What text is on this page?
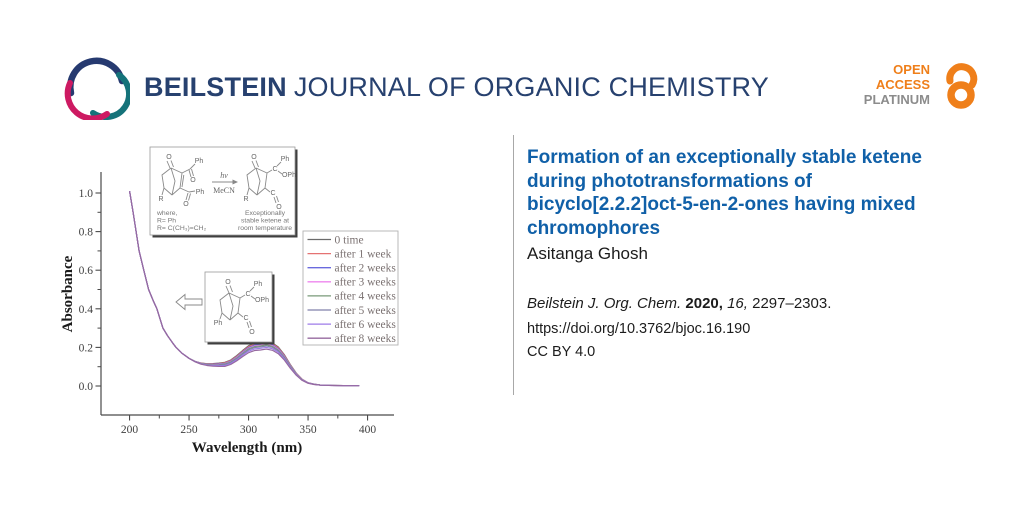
BEILSTEIN JOURNAL OF ORGANIC CHEMISTRY
OPEN
ACCESS
PLATINUM
Formation of an exceptionally stable ketene
during phototransformations of
bicyclo[2.2.2]oct-5-en-2-ones having mixed
chromophores
Asitanga Ghosh
Beilstein J. Org. Chem. 2020, 16, 2297–2303.
https://doi.org/10.3762/bjoc.16.190
CC BY 4.0
200	250	300	350	400
0.0
0.2
0.4
0.6
0.8
1.0
0 time
after 1 week
after 2 weeks
after 3 weeks
after 4 weeks
after 5 weeks
after 6 weeks
after 8 weeks
Wavelength (nm)
Absorbance
O
Ph
O
Ph
O
R
hν
MeCN
O
C
Ph
OPh
C
O
R
where,
R= Ph
R= C(CH₃)=CH₂
Exceptionally
stable ketene at
room temperature
O
C
Ph
OPh
C
O
Ph
